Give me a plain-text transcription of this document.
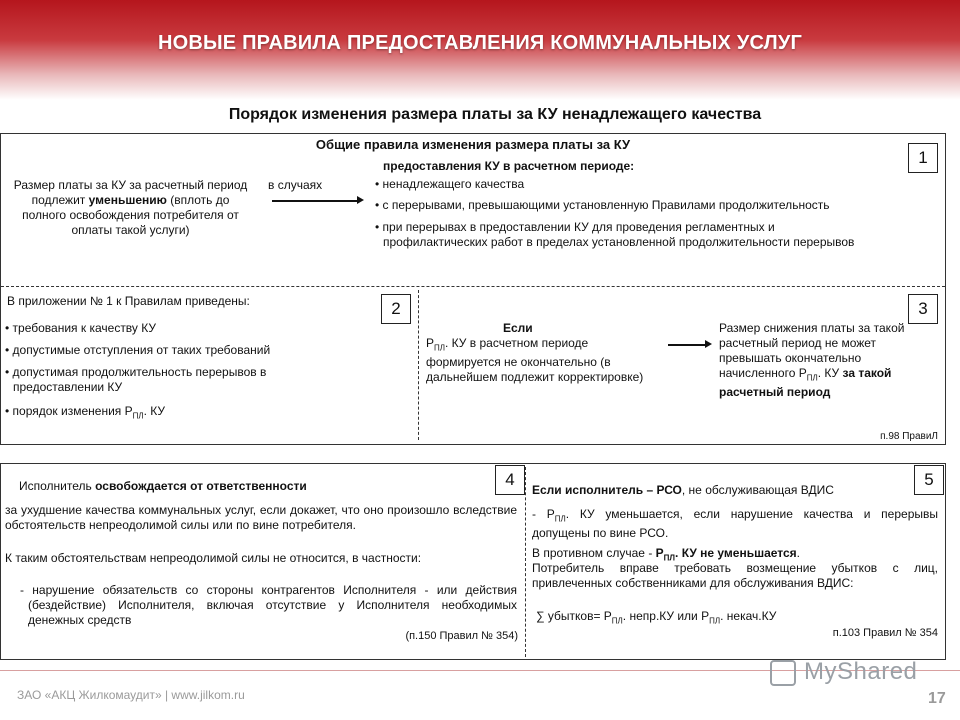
НОВЫЕ ПРАВИЛА ПРЕДОСТАВЛЕНИЯ КОММУНАЛЬНЫХ УСЛУГ
Порядок изменения размера платы за КУ ненадлежащего качества
Общие правила изменения размера платы за КУ
1
предоставления КУ в расчетном периоде:
Размер платы за КУ за расчетный период подлежит уменьшению (вплоть до полного освобождения потребителя от оплаты такой услуги)
в случаях
•	ненадлежащего качества
• с перерывами, превышающими установленную Правилами продолжительность
• при перерывах в предоставлении КУ для проведения регламентных и профилактических работ в пределах установленной продолжительности перерывов
В приложении № 1 к Правилам приведены:	2
• требования к качеству КУ
• допустимые отступления от таких требований
• допустимая продолжительность перерывов в предоставлении КУ
• порядок изменения $Р_{ПЛ}$. КУ
3
Если
$Р_{ПЛ}$. КУ в расчетном периоде формируется не окончательно (в дальнейшем подлежит корректировке)
Размер снижения платы за такой расчетный период не может превышать окончательно начисленного $Р_{ПЛ}$. КУ за такой расчетный период
п.98 ПравиЛ
Исполнитель освобождается от ответственности	4
за ухудшение качества коммунальных услуг, если докажет, что оно произошло вследствие обстоятельств непреодолимой силы или по вине потребителя.
К таким обстоятельствам непреодолимой силы не относится, в частности:
- нарушение обязательств со стороны контрагентов Исполнителя - или действия (бездействие) Исполнителя, включая отсутствие у Исполнителя необходимых денежных средств
(п.150 Правил № 354)
5
Если исполнитель – РСО, не обслуживающая ВДИС
- $Р_{ПЛ}$. КУ уменьшается, если нарушение качества и перерывы допущены по вине РСО.
В противном случае - $Р_{ПЛ}$. КУ не уменьшается.
Потребитель вправе требовать возмещение убытков с лиц, привлеченных собственниками для обслуживания ВДИС:
∑ убытков= $Р_{ПЛ}$. непр.КУ или $Р_{ПЛ}$. некач.КУ
п.103 Правил № 354
ЗАО «АКЦ Жилкомаудит» | www.jilkom.ru
MyShared
17
